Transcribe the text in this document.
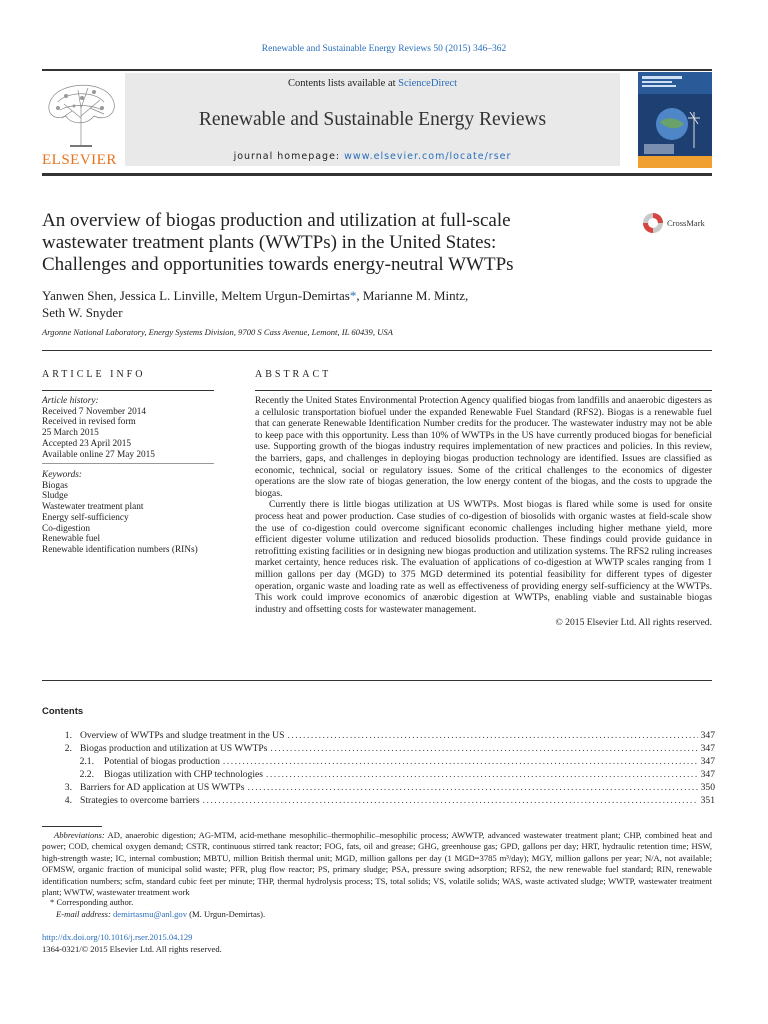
Renewable and Sustainable Energy Reviews 50 (2015) 346–362
ELSEVIER
Contents lists available at ScienceDirect
Renewable and Sustainable Energy Reviews
journal homepage: www.elsevier.com/locate/rser
An overview of biogas production and utilization at full-scale
wastewater treatment plants (WWTPs) in the United States:
Challenges and opportunities towards energy-neutral WWTPs
CrossMark
Yanwen Shen, Jessica L. Linville, Meltem Urgun-Demirtas*, Marianne M. Mintz,
Seth W. Snyder
Argonne National Laboratory, Energy Systems Division, 9700 S Cass Avenue, Lemont, IL 60439, USA
ARTICLE INFO
Article history:
Received 7 November 2014
Received in revised form
25 March 2015
Accepted 23 April 2015
Available online 27 May 2015
Keywords:
Biogas
Sludge
Wastewater treatment plant
Energy self-sufficiency
Co-digestion
Renewable fuel
Renewable identification numbers (RINs)
ABSTRACT

Recently the United States Environmental Protection Agency qualified biogas from landfills and anaerobic digesters as a cellulosic transportation biofuel under the expanded Renewable Fuel Standard (RFS2). Biogas is a renewable fuel that can generate Renewable Identification Number credits for the producer. The wastewater industry may not be able to keep pace with this opportunity. Less than 10% of WWTPs in the US have currently produced biogas for beneficial use. Supporting growth of the biogas industry requires implementation of new practices and policies. In this review, the barriers, gaps, and challenges in deploying biogas production technology are identified. Issues are classified as economic, technical, social or regulatory issues. Some of the critical challenges to the economics of digester operations are the slow rate of biogas generation, the low energy content of the biogas, and the costs to upgrade the biogas.

Currently there is little biogas utilization at US WWTPs. Most biogas is flared while some is used for onsite process heat and power production. Case studies of co-digestion of biosolids with organic wastes at field-scale show the use of co-digestion could overcome significant economic challenges including higher methane yield, more efficient digester volume utilization and reduced biosolids production. These findings could provide guidance in retrofitting existing facilities or in designing new biogas production and utilization systems. The RFS2 ruling increases market certainty, hence reduces risk. The evaluation of applications of co-digestion at WWTP scales ranging from 1 million gallons per day (MGD) to 375 MGD determined its potential feasibility for different types of digester operation, organic waste and loading rate as well as effectiveness of providing energy self-sufficiency at the WWTPs. This work could improve economics of anærobic digestion at WWTPs, enabling viable and sustainable biogas industry and offsetting costs for wastewater management.

© 2015 Elsevier Ltd. All rights reserved.
Contents
1. Overview of WWTPs and sludge treatment in the US .....	347
2. Biogas production and utilization at US WWTPs .....	347
2.1. Potential of biogas production .....	347
2.2. Biogas utilization with CHP technologies .....	347
3. Barriers for AD application at US WWTPs .....	350
4. Strategies to overcome barriers .....	351
Abbreviations: AD, anaerobic digestion; AG-MTM, acid-methane mesophilic–thermophilic–mesophilic process; AWWTP, advanced wastewater treatment plant; CHP, combined heat and power; COD, chemical oxygen demand; CSTR, continuous stirred tank reactor; FOG, fats, oil and grease; GHG, greenhouse gas; GPD, gallons per day; HRT, hydraulic retention time; HSW, high-strength waste; IC, internal combustion; MBTU, million British thermal unit; MGD, million gallons per day (1 MGD=3785 m³/day); MGY, million gallons per year; N/A, not available; OFMSW, organic fraction of municipal solid waste; PFR, plug flow reactor; PS, primary sludge; PSA, pressure swing adsorption; RFS2, the new renewable fuel standard; RIN, renewable identification numbers; scfm, standard cubic feet per minute; THP, thermal hydrolysis process; TS, total solids; VS, volatile solids; WAS, waste activated sludge; WWTP, wastewater treatment plant; WWTW, wastewater treatment work
* Corresponding author.
E-mail address: demirtasmu@anl.gov (M. Urgun-Demirtas).
http://dx.doi.org/10.1016/j.rser.2015.04.129
1364-0321/© 2015 Elsevier Ltd. All rights reserved.
